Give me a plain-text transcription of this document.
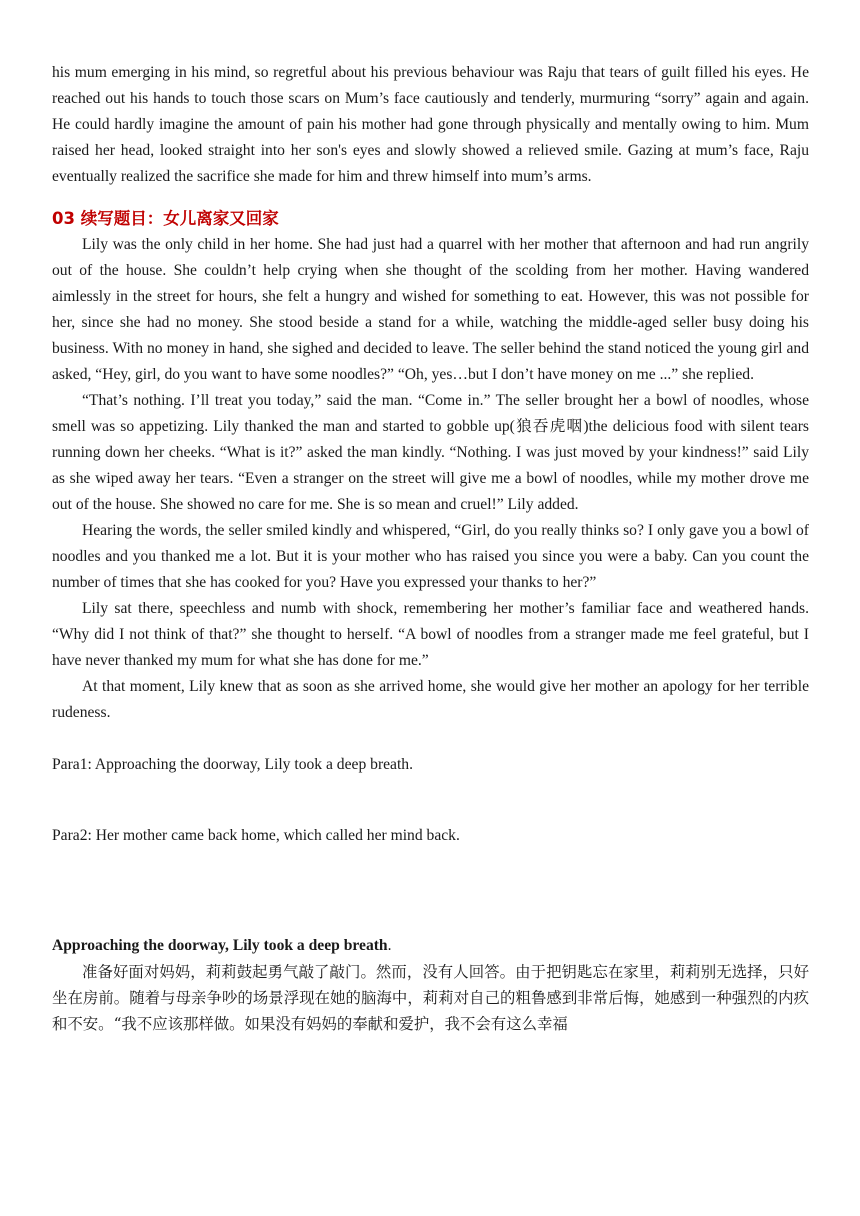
his mum emerging in his mind, so regretful about his previous behaviour was Raju that tears of guilt filled his eyes. He reached out his hands to touch those scars on Mum’s face cautiously and tenderly, murmuring “sorry” again and again. He could hardly imagine the amount of pain his mother had gone through physically and mentally owing to him. Mum raised her head, looked straight into her son's eyes and slowly showed a relieved smile. Gazing at mum’s face, Raju eventually realized the sacrifice she made for him and threw himself into mum’s arms.

03 续写题目：女儿离家又回家

Lily was the only child in her home. She had just had a quarrel with her mother that afternoon and had run angrily out of the house. She couldn’t help crying when she thought of the scolding from her mother. Having wandered aimlessly in the street for hours, she felt a hungry and wished for something to eat. However, this was not possible for her, since she had no money. She stood beside a stand for a while, watching the middle-aged seller busy doing his business. With no money in hand, she sighed and decided to leave. The seller behind the stand noticed the young girl and asked, “Hey, girl, do you want to have some noodles?” “Oh, yes…but I don’t have money on me ...” she replied.

“That’s nothing. I’ll treat you today,” said the man. “Come in.” The seller brought her a bowl of noodles, whose smell was so appetizing. Lily thanked the man and started to gobble up(狼吞虎咽)the delicious food with silent tears running down her cheeks. “What is it?” asked the man kindly. “Nothing. I was just moved by your kindness!” said Lily as she wiped away her tears. “Even a stranger on the street will give me a bowl of noodles, while my mother drove me out of the house. She showed no care for me. She is so mean and cruel!” Lily added.

Hearing the words, the seller smiled kindly and whispered, “Girl, do you really thinks so? I only gave you a bowl of noodles and you thanked me a lot. But it is your mother who has raised you since you were a baby. Can you count the number of times that she has cooked for you? Have you expressed your thanks to her?”

Lily sat there, speechless and numb with shock, remembering her mother’s familiar face and weathered hands. “Why did I not think of that?” she thought to herself. “A bowl of noodles from a stranger made me feel grateful, but I have never thanked my mum for what she has done for me.”

At that moment, Lily knew that as soon as she arrived home, she would give her mother an apology for her terrible rudeness.

Para1: Approaching the doorway, Lily took a deep breath.

Para2: Her mother came back home, which called her mind back.

Approaching the doorway, Lily took a deep breath.

准备好面对妈妈，莉莉鼓起勇气敲了敲门。然而，没有人回答。由于把钥匙忘在家里，莉莉别无选择，只好坐在房前。随着与母亲争吵的场景浮现在她的脑海中，莉莉对自己的粗鲁感到非常后悔，她感到一种强烈的内疚和不安。“我不应该那样做。如果没有妈妈的奉献和爱护，我不会有这么幸福
